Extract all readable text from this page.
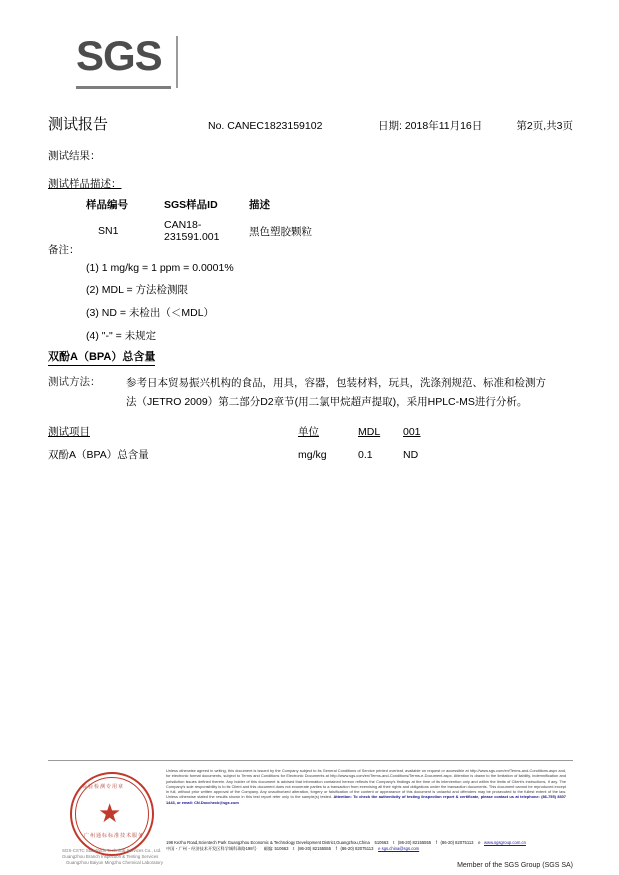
SGS
测试报告	No. CANEC1823159102	日期: 2018年11月16日	第2页,共3页
测试结果：
测试样品描述：
样品编号	SGS样品ID	描述
SN1	CAN18-231591.001	黑色塑胶颗粒
备注：
(1) 1 mg/kg = 1 ppm = 0.0001%
(2) MDL = 方法检测限
(3) ND = 未检出（＜MDL）
(4) "-" = 未规定
双酚A（BPA）总含量
测试方法： 参考日本贸易振兴机构的食品，用具，容器，包装材料，玩具，洗涤剂规范、标准和检测方
法（JETRO 2009）第二部分D2章节(用二氯甲烷超声提取)，采用HPLC-MS进行分析。
测试项目	单位	MDL	001
双酚A（BPA）总含量	mg/kg	0.1	ND
★
检验检测专用章
广州通标标准技术服务
SGS-CSTC Standards Technical Services Co., Ltd.
Guangzhou Branch Inspection & Testing Services
Guangzhou Baiyun Mingzhu Chemical Laboratory
Unless otherwise agreed in writing, this document is issued by the Company subject to its General Conditions of Service printed overleaf, available on request or accessible at http://www.sgs.com/en/Terms-and-Conditions.aspx and, for electronic format documents, subject to Terms and Conditions for Electronic Documents at http://www.sgs.com/en/Terms-and-Conditions/Terms-e-Document.aspx. Attention is drawn to the limitation of liability, indemnification and jurisdiction issues defined therein. Any holder of this document is advised that information contained hereon reflects the Company's findings at the time of its intervention only and within the limits of Client's instructions, if any. The Company's sole responsibility is to its Client and this document does not exonerate parties to a transaction from exercising all their rights and obligations under the transaction documents. This document cannot be reproduced except in full, without prior written approval of the Company. Any unauthorized alteration, forgery or falsification of the content or appearance of this document is unlawful and offenders may be prosecuted to the fullest extent of the law. Unless otherwise stated the results shown in this test report refer only to the sample(s) tested. Attention: To check the authenticity of testing /inspection report & certificate, please contact us at telephone: (86-755) 8307 1443, or email: CN.Doccheck@sgs.com
198 Kezhu Road,Scientech Park Guangzhou Economic & Technology Development District,Guangzhou,China 510663 t (86-20) 82155555 f (86-20) 82075113 e www.sgsgroup.com.cn
中国・广州・经济技术开发区科学城科珠路198号 邮编: 510663 t (86-20) 82155555 f (86-20) 82075113 e sgs.china@sgs.com
Member of the SGS Group (SGS SA)
